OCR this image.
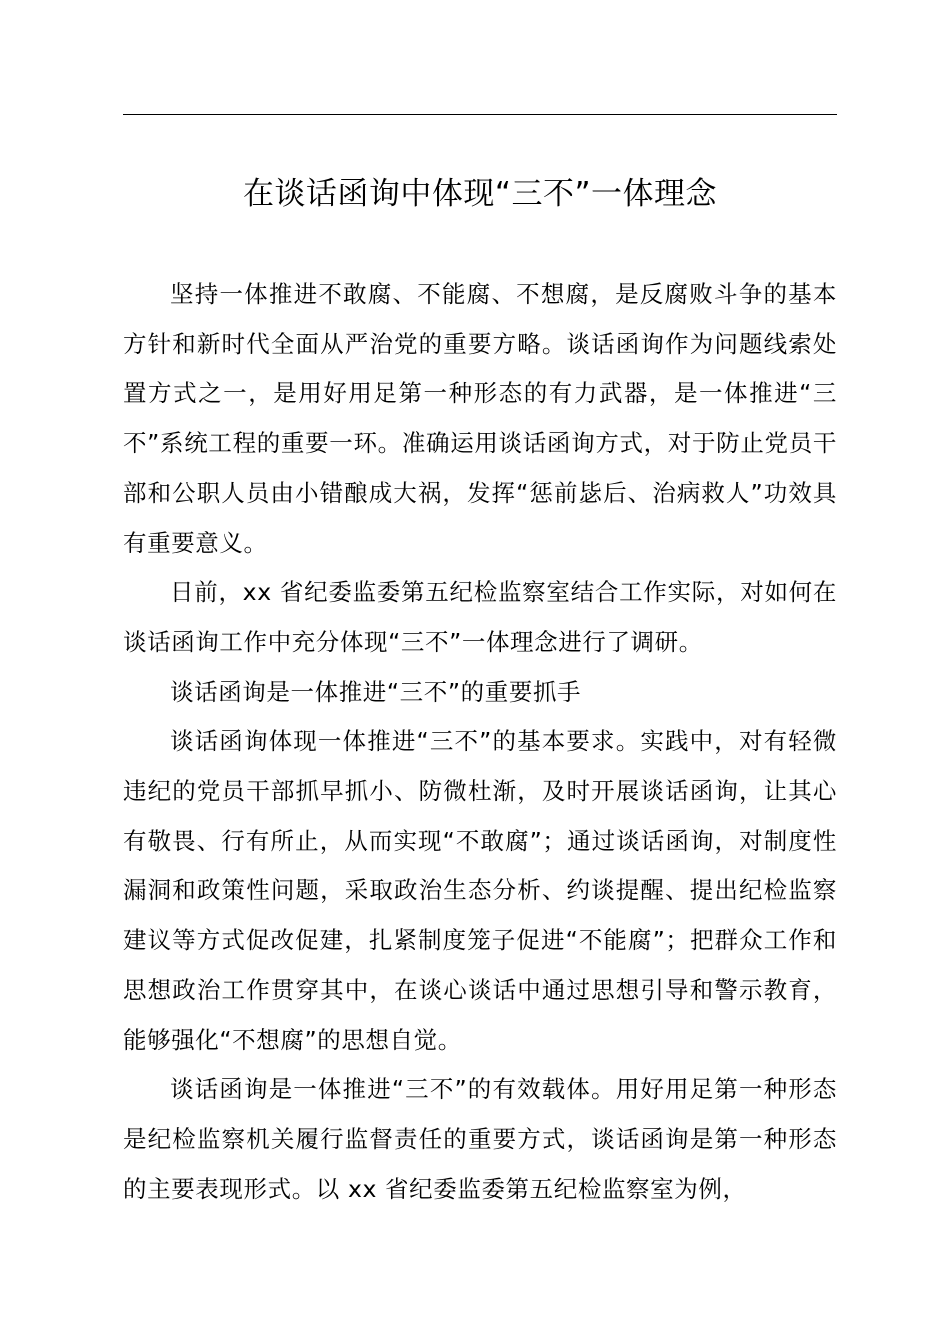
在谈话函询中体现“三不”一体理念

坚持一体推进不敢腐、不能腐、不想腐，是反腐败斗争的基本方针和新时代全面从严治党的重要方略。谈话函询作为问题线索处置方式之一，是用好用足第一种形态的有力武器，是一体推进“三不”系统工程的重要一环。准确运用谈话函询方式，对于防止党员干部和公职人员由小错酿成大祸，发挥“惩前毖后、治病救人”功效具有重要意义。

日前，xx 省纪委监委第五纪检监察室结合工作实际，对如何在谈话函询工作中充分体现“三不”一体理念进行了调研。

谈话函询是一体推进“三不”的重要抓手

谈话函询体现一体推进“三不”的基本要求。实践中，对有轻微违纪的党员干部抓早抓小、防微杜渐，及时开展谈话函询，让其心有敬畏、行有所止，从而实现“不敢腐”；通过谈话函询，对制度性漏洞和政策性问题，采取政治生态分析、约谈提醒、提出纪检监察建议等方式促改促建，扎紧制度笼子促进“不能腐”；把群众工作和思想政治工作贯穿其中，在谈心谈话中通过思想引导和警示教育，能够强化“不想腐”的思想自觉。

谈话函询是一体推进“三不”的有效载体。用好用足第一种形态是纪检监察机关履行监督责任的重要方式，谈话函询是第一种形态的主要表现形式。以 xx 省纪委监委第五纪检监察室为例，
